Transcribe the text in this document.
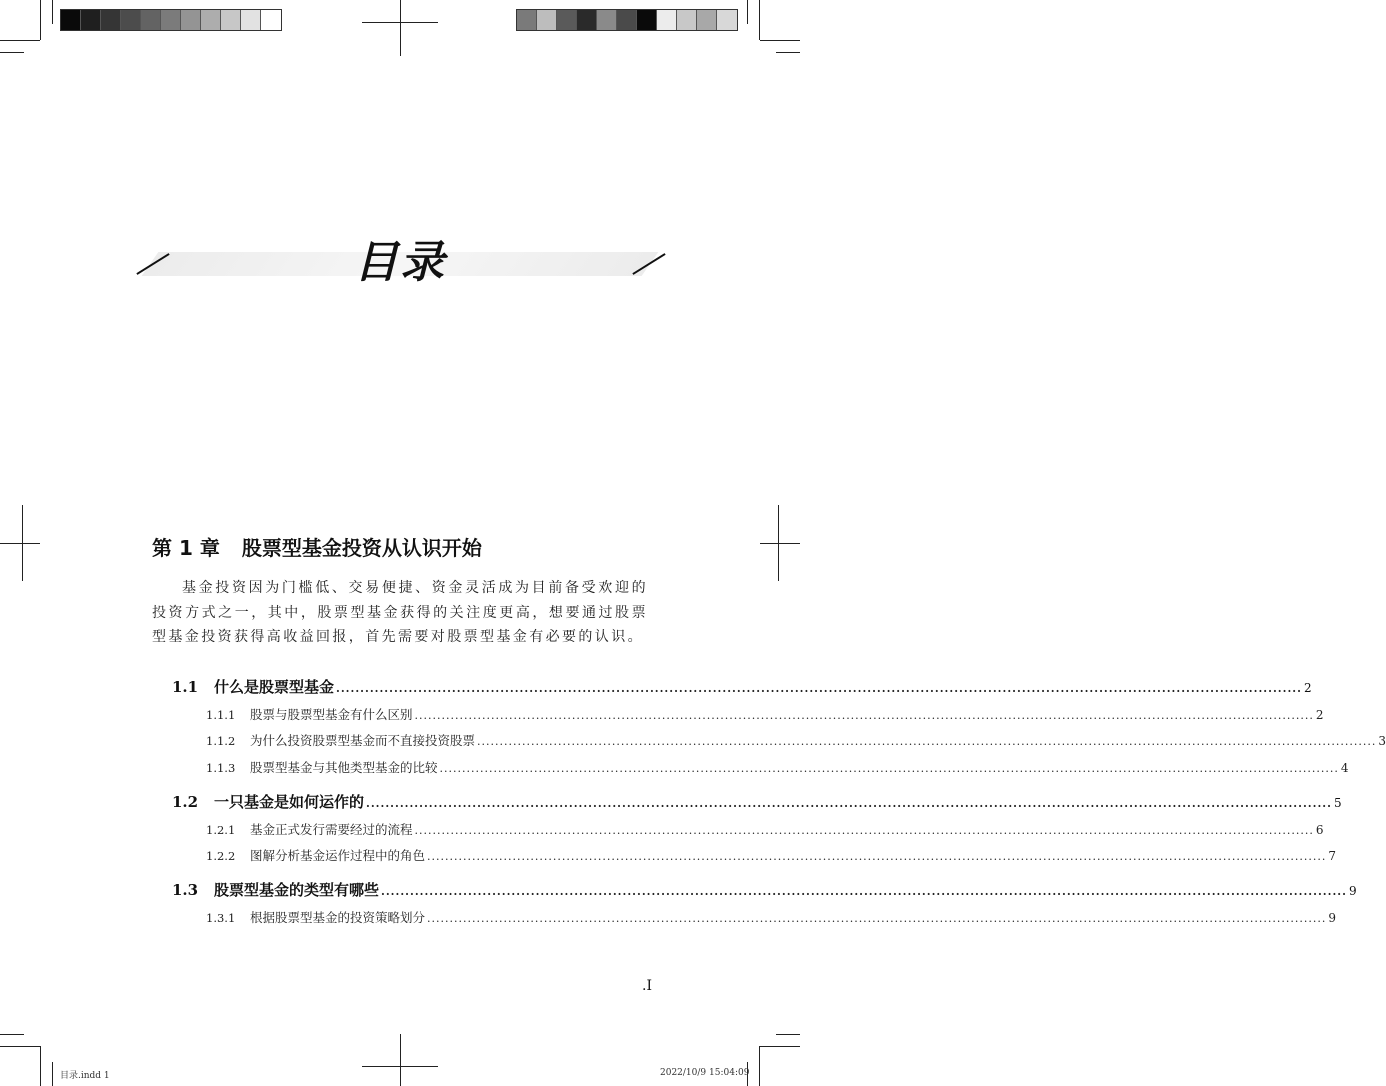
目录
第 1 章 股票型基金投资从认识开始
基金投资因为门槛低、交易便捷、资金灵活成为目前备受欢迎的投资方式之一，其中，股票型基金获得的关注度更高，想要通过股票型基金投资获得高收益回报，首先需要对股票型基金有必要的认识。
1.1	什么是股票型基金 ........................................................................................................................................................................................................ 2
1.1.1	股票与股票型基金有什么区别 ........................................................................................................................................................................................................ 2
1.1.2	为什么投资股票型基金而不直接投资股票 ........................................................................................................................................................................................................ 3
1.1.3	股票型基金与其他类型基金的比较 ........................................................................................................................................................................................................ 4
1.2	一只基金是如何运作的 ........................................................................................................................................................................................................ 5
1.2.1	基金正式发行需要经过的流程 ........................................................................................................................................................................................................ 6
1.2.2	图解分析基金运作过程中的角色 ........................................................................................................................................................................................................ 7
1.3	股票型基金的类型有哪些 ........................................................................................................................................................................................................ 9
1.3.1	根据股票型基金的投资策略划分 ........................................................................................................................................................................................................ 9
.I
目录.indd 1	2022/10/9 15:04:09
